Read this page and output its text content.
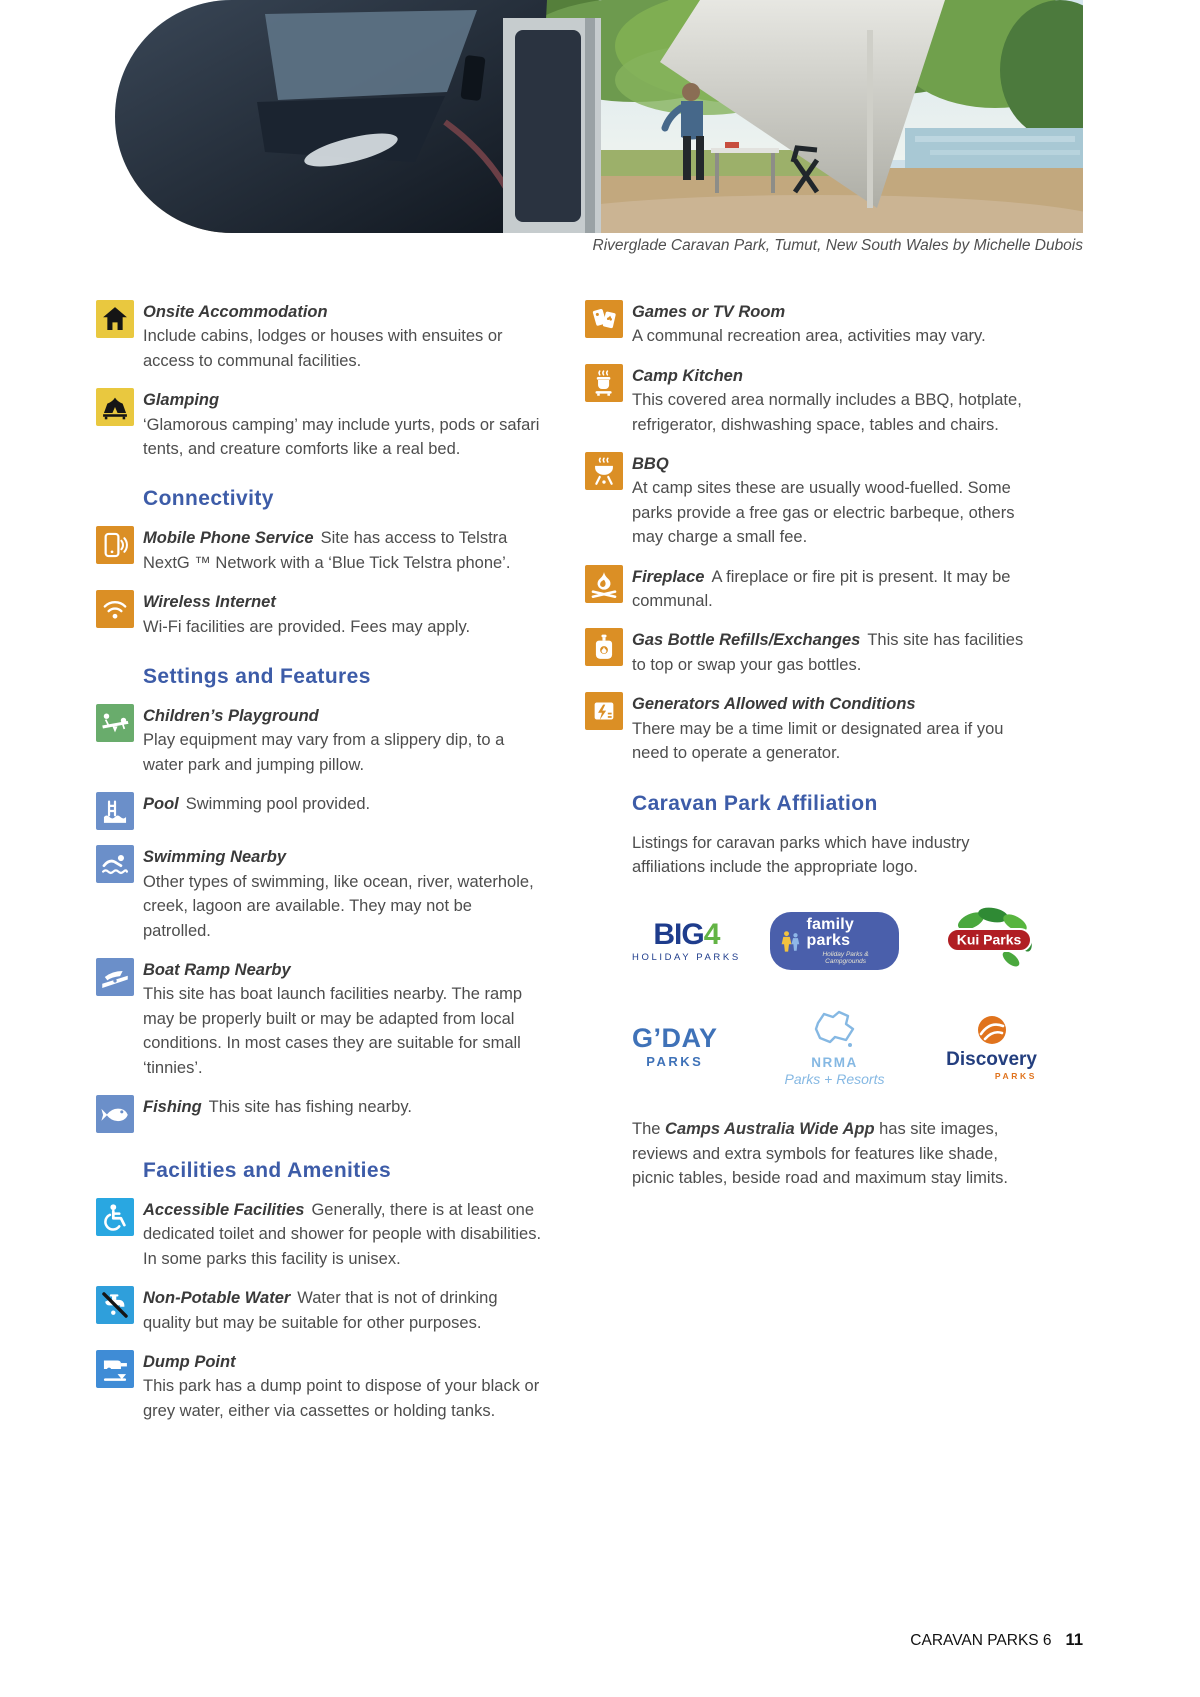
Riverglade Caravan Park, Tumut, New South Wales by Michelle Dubois
Onsite Accommodation
Include cabins, lodges or houses with ensuites or access to communal facilities.
Glamping
‘Glamorous camping’ may include yurts, pods or safari tents, and creature comforts like a real bed.
Connectivity
Mobile Phone Service Site has access to Telstra NextG ™ Network with a ‘Blue Tick Telstra phone’.
Wireless Internet
Wi-Fi facilities are provided. Fees may apply.
Settings and Features
Children’s Playground
Play equipment may vary from a slippery dip, to a water park and jumping pillow.
Pool Swimming pool provided.
Swimming Nearby
Other types of swimming, like ocean, river, waterhole, creek, lagoon are available. They may not be patrolled.
Boat Ramp Nearby
This site has boat launch facilities nearby. The ramp may be properly built or may be adapted from local conditions. In most cases they are suitable for small ‘tinnies’.
Fishing This site has fishing nearby.
Facilities and Amenities
Accessible Facilities Generally, there is at least one dedicated toilet and shower for people with disabilities. In some parks this facility is unisex.
Non-Potable Water Water that is not of drinking quality but may be suitable for other purposes.
Dump Point
This park has a dump point to dispose of your black or grey water, either via cassettes or holding tanks.
Games or TV Room
A communal recreation area, activities may vary.
Camp Kitchen
This covered area normally includes a BBQ, hotplate, refrigerator, dishwashing space, tables and chairs.
BBQ
At camp sites these are usually wood-fuelled. Some parks provide a free gas or electric barbeque, others may charge a small fee.
Fireplace A fireplace or fire pit is present. It may be communal.
Gas Bottle Refills/Exchanges This site has facilities to top or swap your gas bottles.
Generators Allowed with Conditions
There may be a time limit or designated area if you need to operate a generator.
Caravan Park Affiliation

Listings for caravan parks which have industry affiliations include the appropriate logo.

BIG4
HOLIDAY PARKS
family parks
Holiday Parks & Campgrounds
Kui Parks
G’DAY
PARKS	NRMA
Parks + Resorts
Discovery
PARKS

The Camps Australia Wide App has site images, reviews and extra symbols for features like shade, picnic tables, beside road and maximum stay limits.

CARAVAN PARKS 6 11
